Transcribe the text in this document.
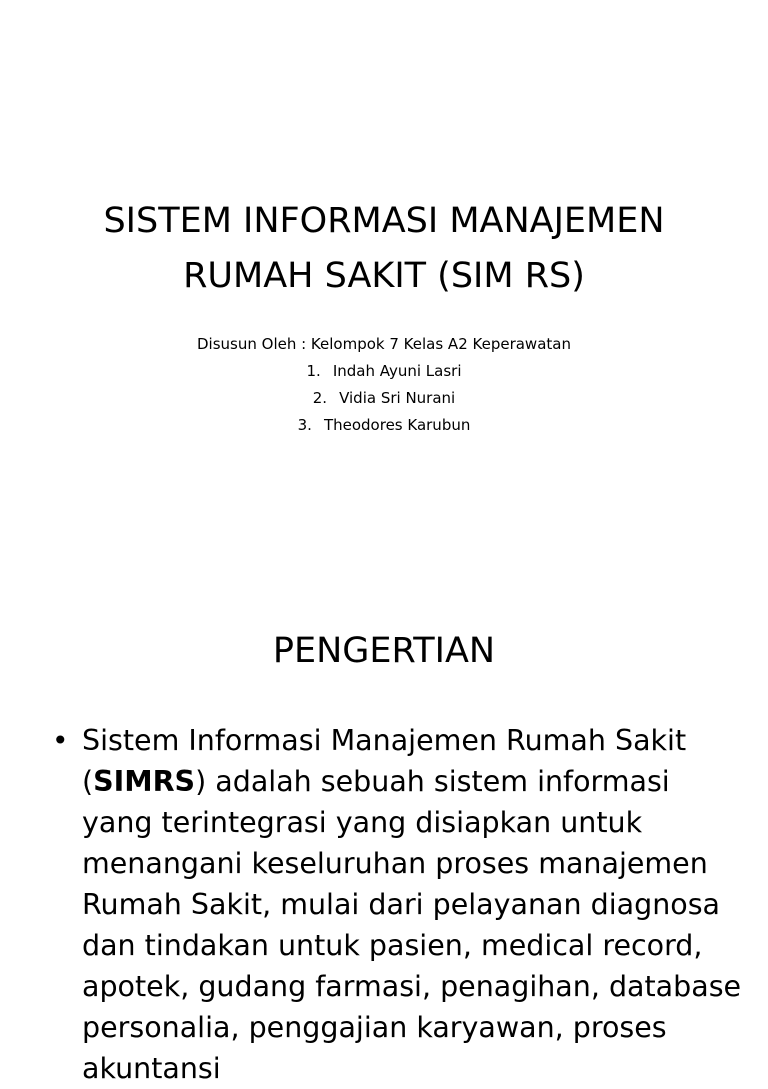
SISTEM INFORMASI MANAJEMEN
RUMAH SAKIT (SIM RS)
Disusun Oleh : Kelompok 7 Kelas A2 Keperawatan
1. Indah Ayuni Lasri
2. Vidia Sri Nurani
3. Theodores Karubun
PENGERTIAN
• Sistem Informasi Manajemen Rumah Sakit (SIMRS) adalah sebuah sistem informasi yang terintegrasi yang disiapkan untuk menangani keseluruhan proses manajemen Rumah Sakit, mulai dari pelayanan diagnosa dan tindakan untuk pasien, medical record, apotek, gudang farmasi, penagihan, database personalia, penggajian karyawan, proses akuntansi
